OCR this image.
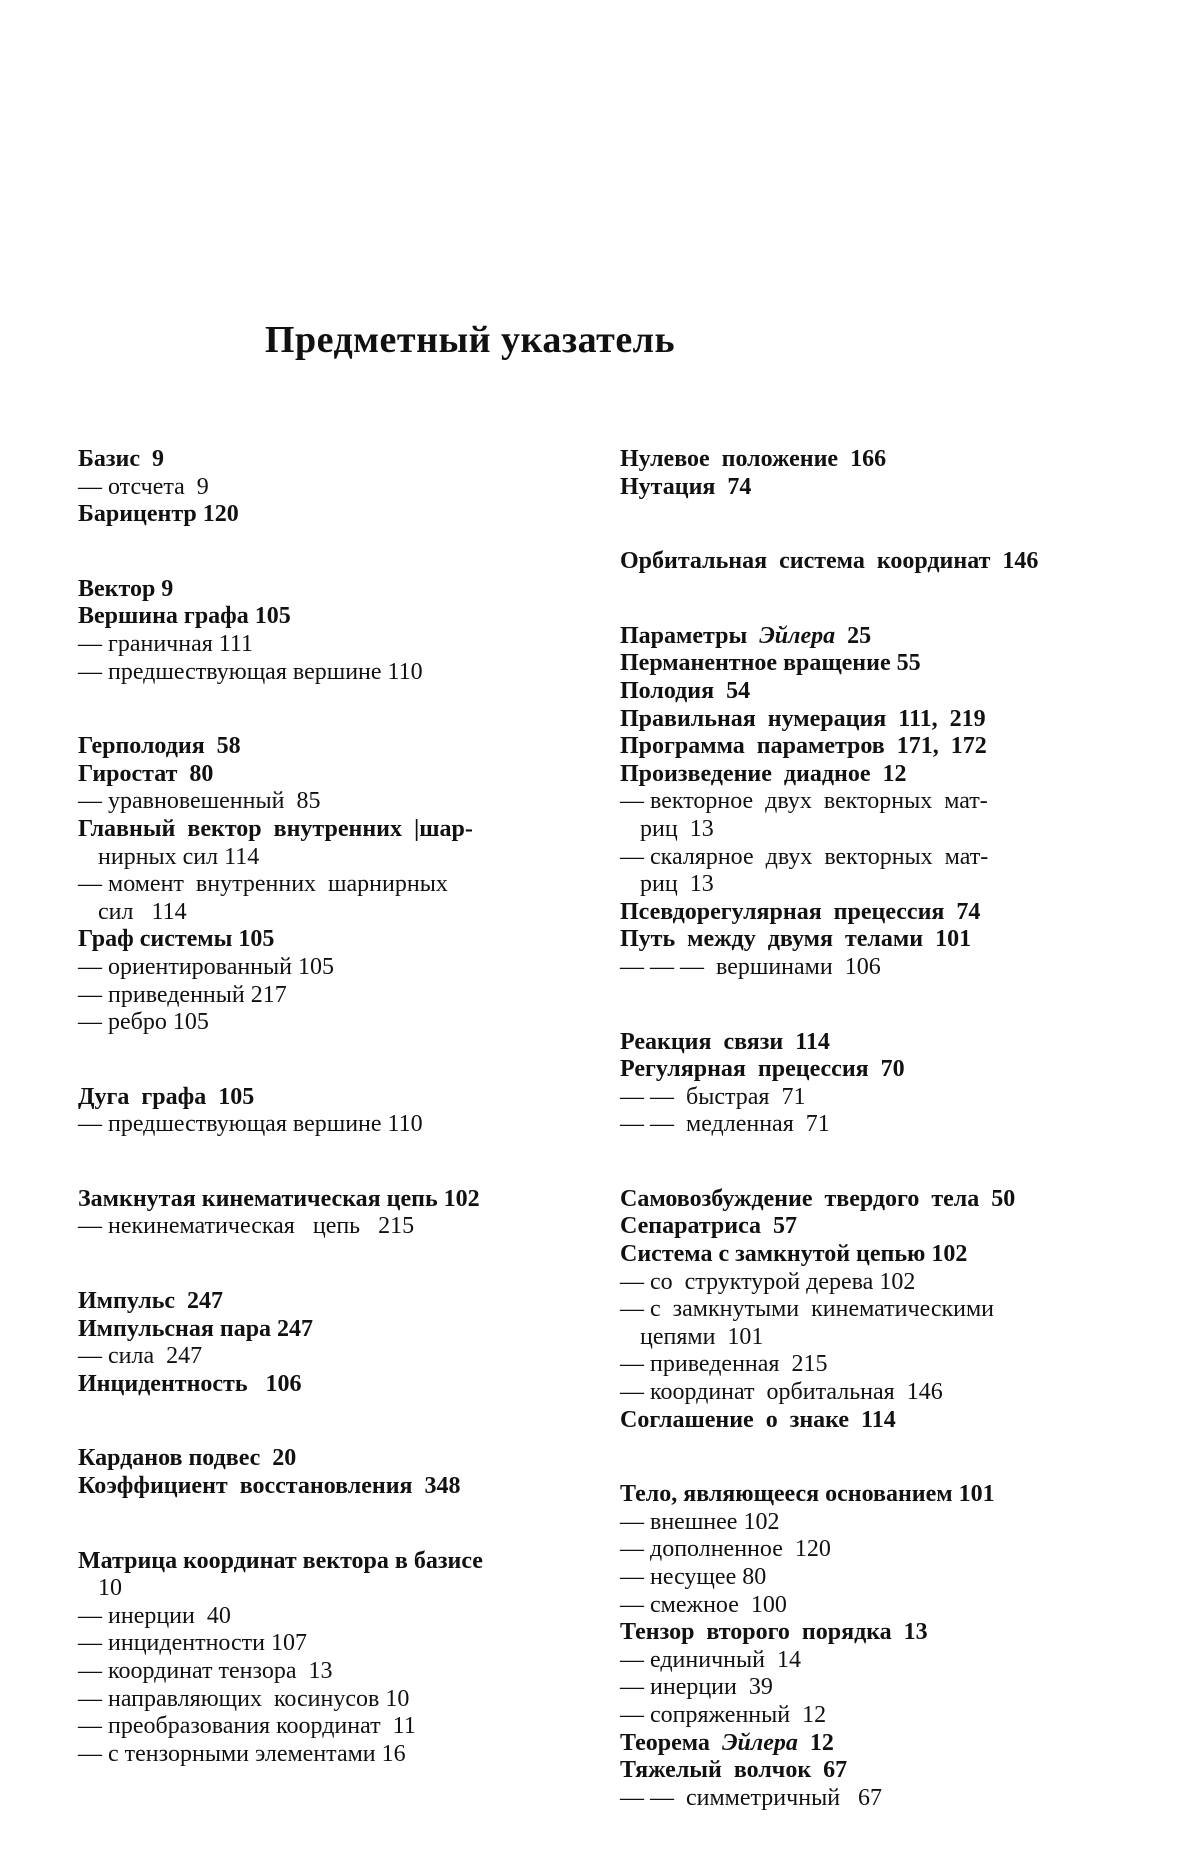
Предметный указатель
Базис  9
— отсчета  9
Барицентр 120
Вектор 9
Вершина графа 105
— граничная 111
— предшествующая вершине 110
Герполодия  58
Гиростат  80
— уравновешенный  85
Главный  вектор  внутренних  |шар-
нирных сил 114
— момент  внутренних  шарнирных
сил   114
Граф системы 105
— ориентированный 105
— приведенный 217
— ребро 105
Дуга  графа  105
— предшествующая вершине 110
Замкнутая кинематическая цепь 102
— некинематическая   цепь   215
Импульс  247
Импульсная пара 247
— сила  247
Инцидентность   106
Карданов подвес  20
Коэффициент  восстановления  348
Матрица координат вектора в базисе
10
— инерции  40
— инцидентности 107
— координат тензора  13
— направляющих  косинусов 10
— преобразования координат  11
— с тензорными элементами 16
Нулевое  положение  166
Нутация  74
Орбитальная  система  координат  146
Параметры  Эйлера  25
Перманентное вращение 55
Полодия  54
Правильная  нумерация  111,  219
Программа  параметров  171,  172
Произведение  диадное  12
— векторное  двух  векторных  мат-
риц  13
— скалярное  двух  векторных  мат-
риц  13
Псевдорегулярная  прецессия  74
Путь  между  двумя  телами  101
— — —  вершинами  106
Реакция  связи  114
Регулярная  прецессия  70
— —  быстрая  71
— —  медленная  71
Самовозбуждение  твердого  тела  50
Сепаратриса  57
Система с замкнутой цепью 102
— со  структурой дерева 102
— с  замкнутыми  кинематическими
цепями  101
— приведенная  215
— координат  орбитальная  146
Соглашение  о  знаке  114
Тело, являющееся основанием 101
— внешнее 102
— дополненное  120
— несущее 80
— смежное  100
Тензор  второго  порядка  13
— единичный  14
— инерции  39
— сопряженный  12
Теорема  Эйлера  12
Тяжелый  волчок  67
— —  симметричный   67
